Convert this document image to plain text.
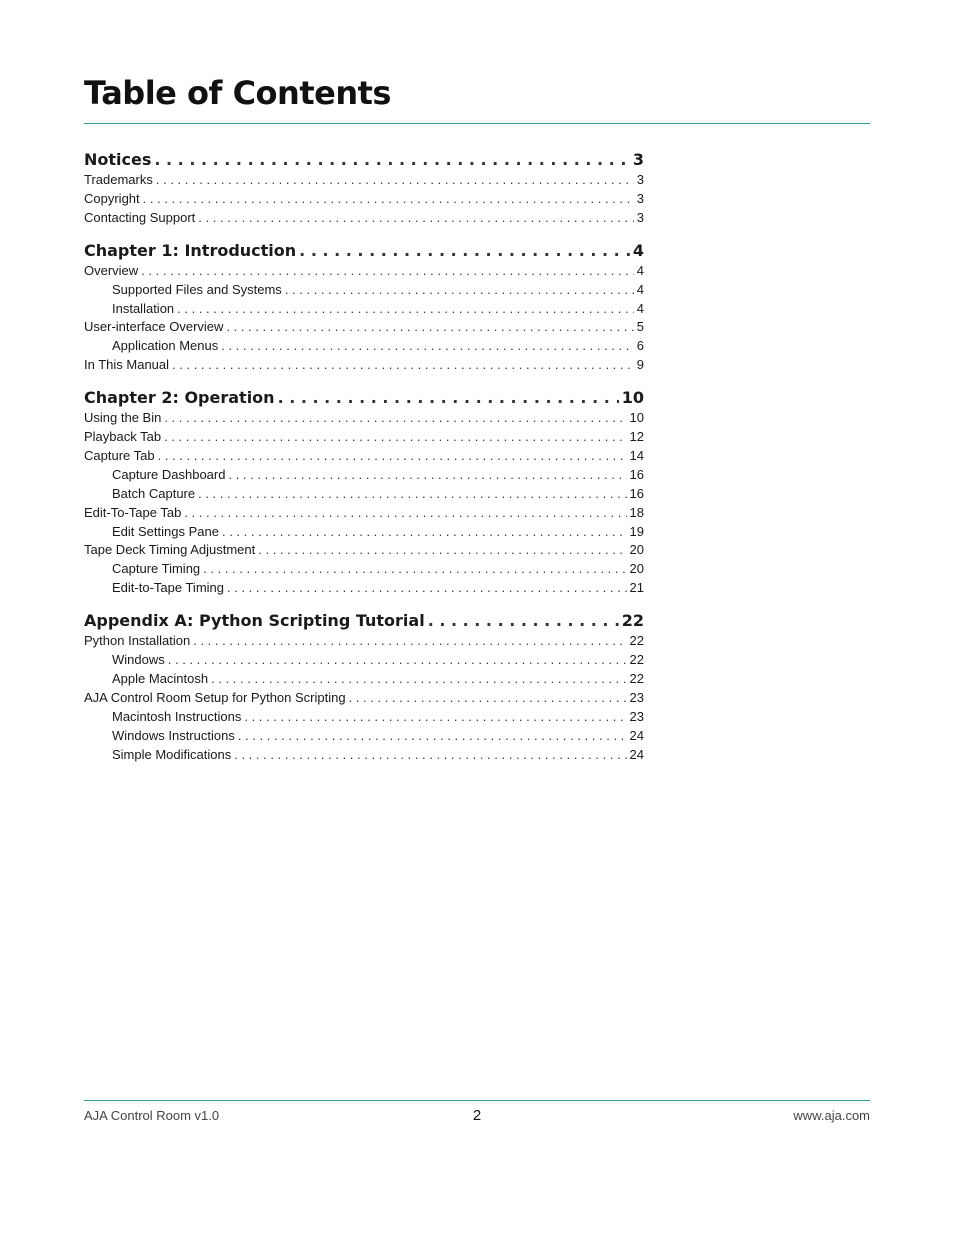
Table of Contents
Notices . . .	3
Trademarks . . .	3
Copyright . . .	3
Contacting Support . . .	3
Chapter 1: Introduction . . .	4
Overview . . .	4
Supported Files and Systems . . .	4
Installation . . .	4
User-interface Overview . . .	5
Application Menus . . .	6
In This Manual . . .	9
Chapter 2: Operation . . .	10
Using the Bin . . .	10
Playback Tab . . .	12
Capture Tab . . .	14
Capture Dashboard . . .	16
Batch Capture . . .	16
Edit-To-Tape Tab . . .	18
Edit Settings Pane . . .	19
Tape Deck Timing Adjustment . . .	20
Capture Timing . . .	20
Edit-to-Tape Timing . . .	21
Appendix A: Python Scripting Tutorial . . .	22
Python Installation . . .	22
Windows . . .	22
Apple Macintosh . . .	22
AJA Control Room Setup for Python Scripting . . .	23
Macintosh Instructions . . .	23
Windows Instructions . . .	24
Simple Modifications . . .	24
AJA Control Room v1.0	2	www.aja.com
